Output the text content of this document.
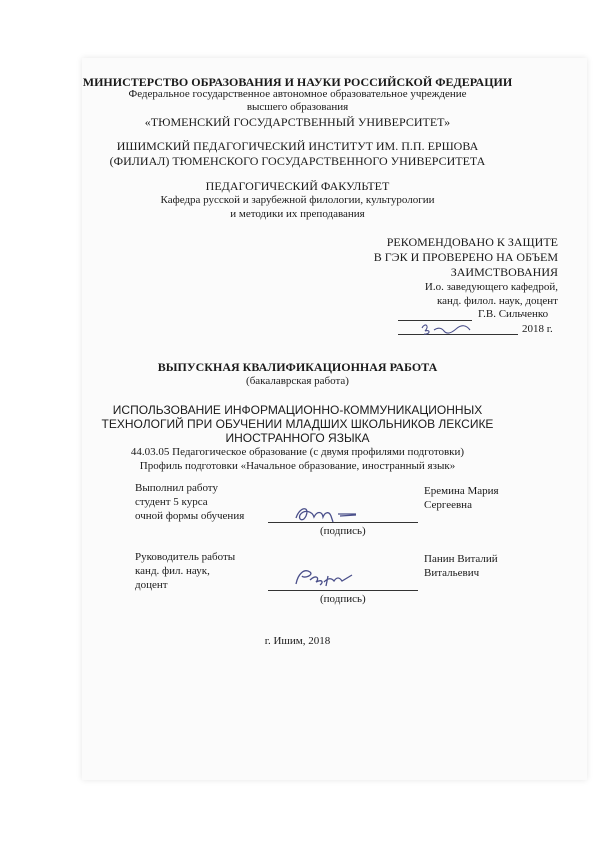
МИНИСТЕРСТВО ОБРАЗОВАНИЯ И НАУКИ РОССИЙСКОЙ ФЕДЕРАЦИИ
Федеральное государственное автономное образовательное учреждение
высшего образования
«ТЮМЕНСКИЙ ГОСУДАРСТВЕННЫЙ УНИВЕРСИТЕТ»
ИШИМСКИЙ ПЕДАГОГИЧЕСКИЙ ИНСТИТУТ ИМ. П.П. ЕРШОВА
(ФИЛИАЛ) ТЮМЕНСКОГО ГОСУДАРСТВЕННОГО УНИВЕРСИТЕТА
ПЕДАГОГИЧЕСКИЙ ФАКУЛЬТЕТ
Кафедра русской и зарубежной филологии, культурологии
и методики их преподавания
РЕКОМЕНДОВАНО К ЗАЩИТЕ
В ГЭК И ПРОВЕРЕНО НА ОБЪЕМ
ЗАИМСТВОВАНИЯ
И.о. заведующего кафедрой,
канд. филол. наук, доцент
Г.В. Сильченко
2018 г.
ВЫПУСКНАЯ КВАЛИФИКАЦИОННАЯ РАБОТА
(бакалаврская работа)
ИСПОЛЬЗОВАНИЕ ИНФОРМАЦИОННО-КОММУНИКАЦИОННЫХ
ТЕХНОЛОГИЙ ПРИ ОБУЧЕНИИ МЛАДШИХ ШКОЛЬНИКОВ ЛЕКСИКЕ
ИНОСТРАННОГО ЯЗЫКА
44.03.05 Педагогическое образование (с двумя профилями подготовки)
Профиль подготовки «Начальное образование, иностранный язык»
Выполнил работу
студент 5 курса
очной формы обучения
(подпись)
Еремина Мария
Сергеевна
Руководитель работы
канд. фил. наук,
доцент
(подпись)
Панин Виталий
Витальевич
г. Ишим, 2018
